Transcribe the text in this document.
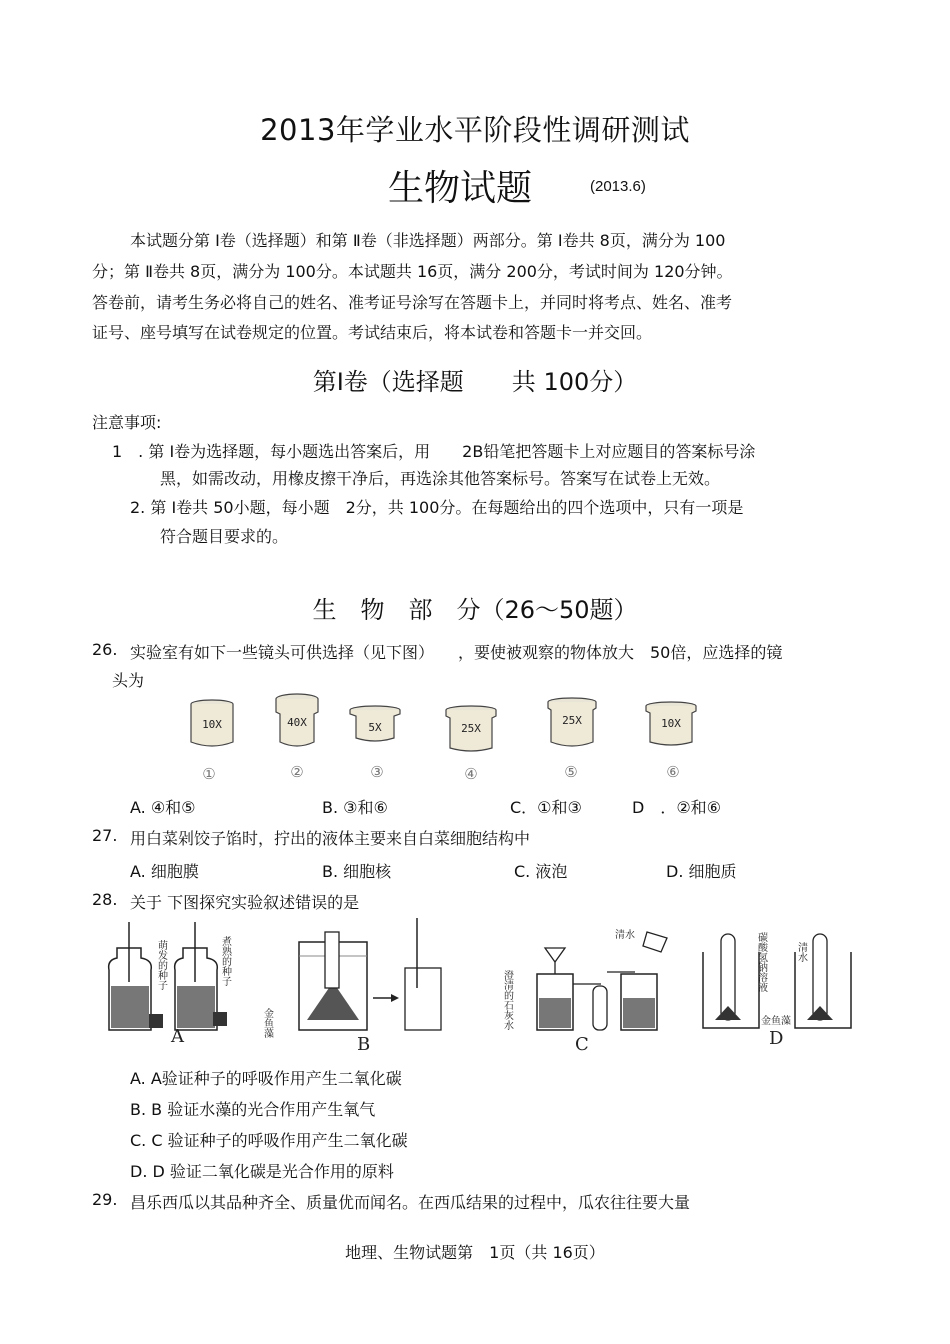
2013年学业水平阶段性调研测试
生物试题	(2013.6)
本试题分第 Ⅰ卷（选择题）和第 Ⅱ卷（非选择题）两部分。第 Ⅰ卷共 8页，满分为 100
分；第 Ⅱ卷共 8页，满分为 100分。本试题共 16页，满分 200分，考试时间为 120分钟。
答卷前，请考生务必将自己的姓名、准考证号涂写在答题卡上，并同时将考点、姓名、准考
证号、座号填写在试卷规定的位置。考试结束后，将本试卷和答题卡一并交回。
第Ⅰ卷（选择题　　共 100分）
注意事项:
1　. 第 Ⅰ卷为选择题，每小题选出答案后，用　　2B铅笔把答题卡上对应题目的答案标号涂
黑，如需改动，用橡皮擦干净后，再选涂其他答案标号。答案写在试卷上无效。
2. 第 Ⅰ卷共 50小题，每小题　2分，共 100分。在每题给出的四个选项中，只有一项是
符合题目要求的。
生　物　部　分（26～50题）
26. 实验室有如下一些镜头可供选择（见下图）　　，要使被观察的物体放大　50倍，应选择的镜
头为
10X	40X	5X	25X
25X	10X
①	②	③	④	⑤	⑥
A. ④和⑤	B. ③和⑥	C．①和③	D　．②和⑥
27. 用白菜剁饺子馅时，拧出的液体主要来自白菜细胞结构中
A. 细胞膜	B. 细胞核	C. 液泡	D. 细胞质
28. 关于 下图探究实验叙述错误的是
萌发的种子	煮熟的种子
A	金鱼藻
B
清水
澄清的石灰水
C
碳酸氢钠溶液	清水
金鱼藻
D
A. A验证种子的呼吸作用产生二氧化碳
B. B 验证水藻的光合作用产生氧气
C. C 验证种子的呼吸作用产生二氧化碳
D. D 验证二氧化碳是光合作用的原料
29. 昌乐西瓜以其品种齐全、质量优而闻名。在西瓜结果的过程中，瓜农往往要大量
地理、生物试题第　1页（共 16页）
